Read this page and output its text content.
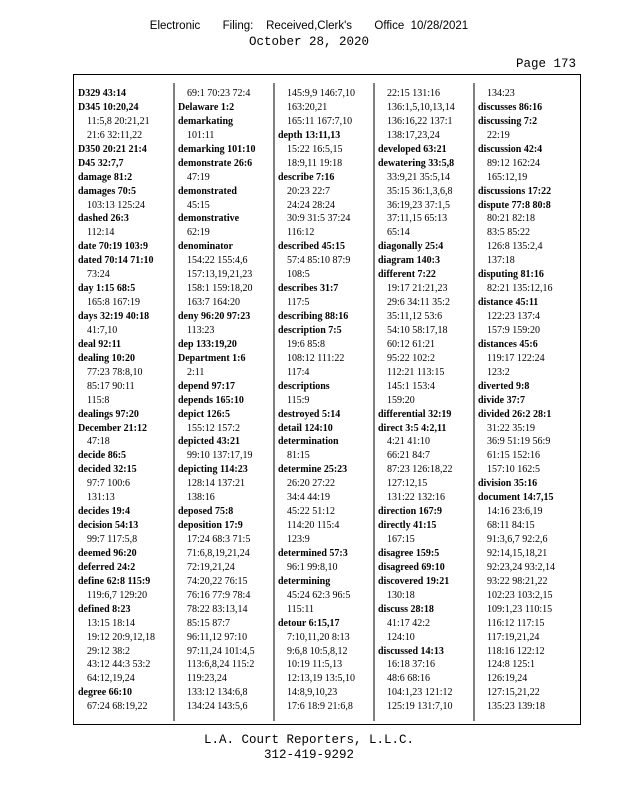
Electronic Filing: Received,Clerk's Office 10/28/2021
October 28, 2020
Page 173
D329 43:14
D345 10:20,24
11:5,8 20:21,21
21:6 32:11,22
D350 20:21 21:4
D45 32:7,7
damage 81:2
damages 70:5
103:13 125:24
dashed 26:3
112:14
date 70:19 103:9
dated 70:14 71:10
73:24
day 1:15 68:5
165:8 167:19
days 32:19 40:18
41:7,10
deal 92:11
dealing 10:20
77:23 78:8,10
85:17 90:11
115:8
dealings 97:20
December 21:12
47:18
decide 86:5
decided 32:15
97:7 100:6
131:13
decides 19:4
decision 54:13
99:7 117:5,8
deemed 96:20
deferred 24:2
define 62:8 115:9
119:6,7 129:20
defined 8:23
13:15 18:14
19:12 20:9,12,18
29:12 38:2
43:12 44:3 53:2
64:12,19,24
degree 66:10
67:24 68:19,22
69:1 70:23 72:4
Delaware 1:2
demarkating
101:11
demarking 101:10
demonstrate 26:6
47:19
demonstrated
45:15
demonstrative
62:19
denominator
154:22 155:4,6
157:13,19,21,23
158:1 159:18,20
163:7 164:20
deny 96:20 97:23
113:23
dep 133:19,20
Department 1:6
2:11
depend 97:17
depends 165:10
depict 126:5
155:12 157:2
depicted 43:21
99:10 137:17,19
depicting 114:23
128:14 137:21
138:16
deposed 75:8
deposition 17:9
17:24 68:3 71:5
71:6,8,19,21,24
72:19,21,24
74:20,22 76:15
76:16 77:9 78:4
78:22 83:13,14
85:15 87:7
96:11,12 97:10
97:11,24 101:4,5
113:6,8,24 115:2
119:23,24
133:12 134:6,8
134:24 143:5,6
145:9,9 146:7,10
163:20,21
165:11 167:7,10
depth 13:11,13
15:22 16:5,15
18:9,11 19:18
describe 7:16
20:23 22:7
24:24 28:24
30:9 31:5 37:24
116:12
described 45:15
57:4 85:10 87:9
108:5
describes 31:7
117:5
describing 88:16
description 7:5
19:6 85:8
108:12 111:22
117:4
descriptions
115:9
destroyed 5:14
detail 124:10
determination
81:15
determine 25:23
26:20 27:22
34:4 44:19
45:22 51:12
114:20 115:4
123:9
determined 57:3
96:1 99:8,10
determining
45:24 62:3 96:5
115:11
detour 6:15,17
7:10,11,20 8:13
9:6,8 10:5,8,12
10:19 11:5,13
12:13,19 13:5,10
14:8,9,10,23
17:6 18:9 21:6,8
22:15 131:16
136:1,5,10,13,14
136:16,22 137:1
138:17,23,24
developed 63:21
dewatering 33:5,8
33:9,21 35:5,14
35:15 36:1,3,6,8
36:19,23 37:1,5
37:11,15 65:13
65:14
diagonally 25:4
diagram 140:3
different 7:22
19:17 21:21,23
29:6 34:11 35:2
35:11,12 53:6
54:10 58:17,18
60:12 61:21
95:22 102:2
112:21 113:15
145:1 153:4
159:20
differential 32:19
direct 3:5 4:2,11
4:21 41:10
66:21 84:7
87:23 126:18,22
127:12,15
131:22 132:16
direction 167:9
directly 41:15
167:15
disagree 159:5
disagreed 69:10
discovered 19:21
130:18
discuss 28:18
41:17 42:2
124:10
discussed 14:13
16:18 37:16
48:6 68:16
104:1,23 121:12
125:19 131:7,10
134:23
discusses 86:16
discussing 7:2
22:19
discussion 42:4
89:12 162:24
165:12,19
discussions 17:22
dispute 77:8 80:8
80:21 82:18
83:5 85:22
126:8 135:2,4
137:18
disputing 81:16
82:21 135:12,16
distance 45:11
122:23 137:4
157:9 159:20
distances 45:6
119:17 122:24
123:2
diverted 9:8
divide 37:7
divided 26:2 28:1
31:22 35:19
36:9 51:19 56:9
61:15 152:16
157:10 162:5
division 35:16
document 14:7,15
14:16 23:6,19
68:11 84:15
91:3,6,7 92:2,6
92:14,15,18,21
92:23,24 93:2,14
93:22 98:21,22
102:23 103:2,15
109:1,23 110:15
116:12 117:15
117:19,21,24
118:16 122:12
124:8 125:1
126:19,24
127:15,21,22
135:23 139:18
L.A. Court Reporters, L.L.C.
312-419-9292
